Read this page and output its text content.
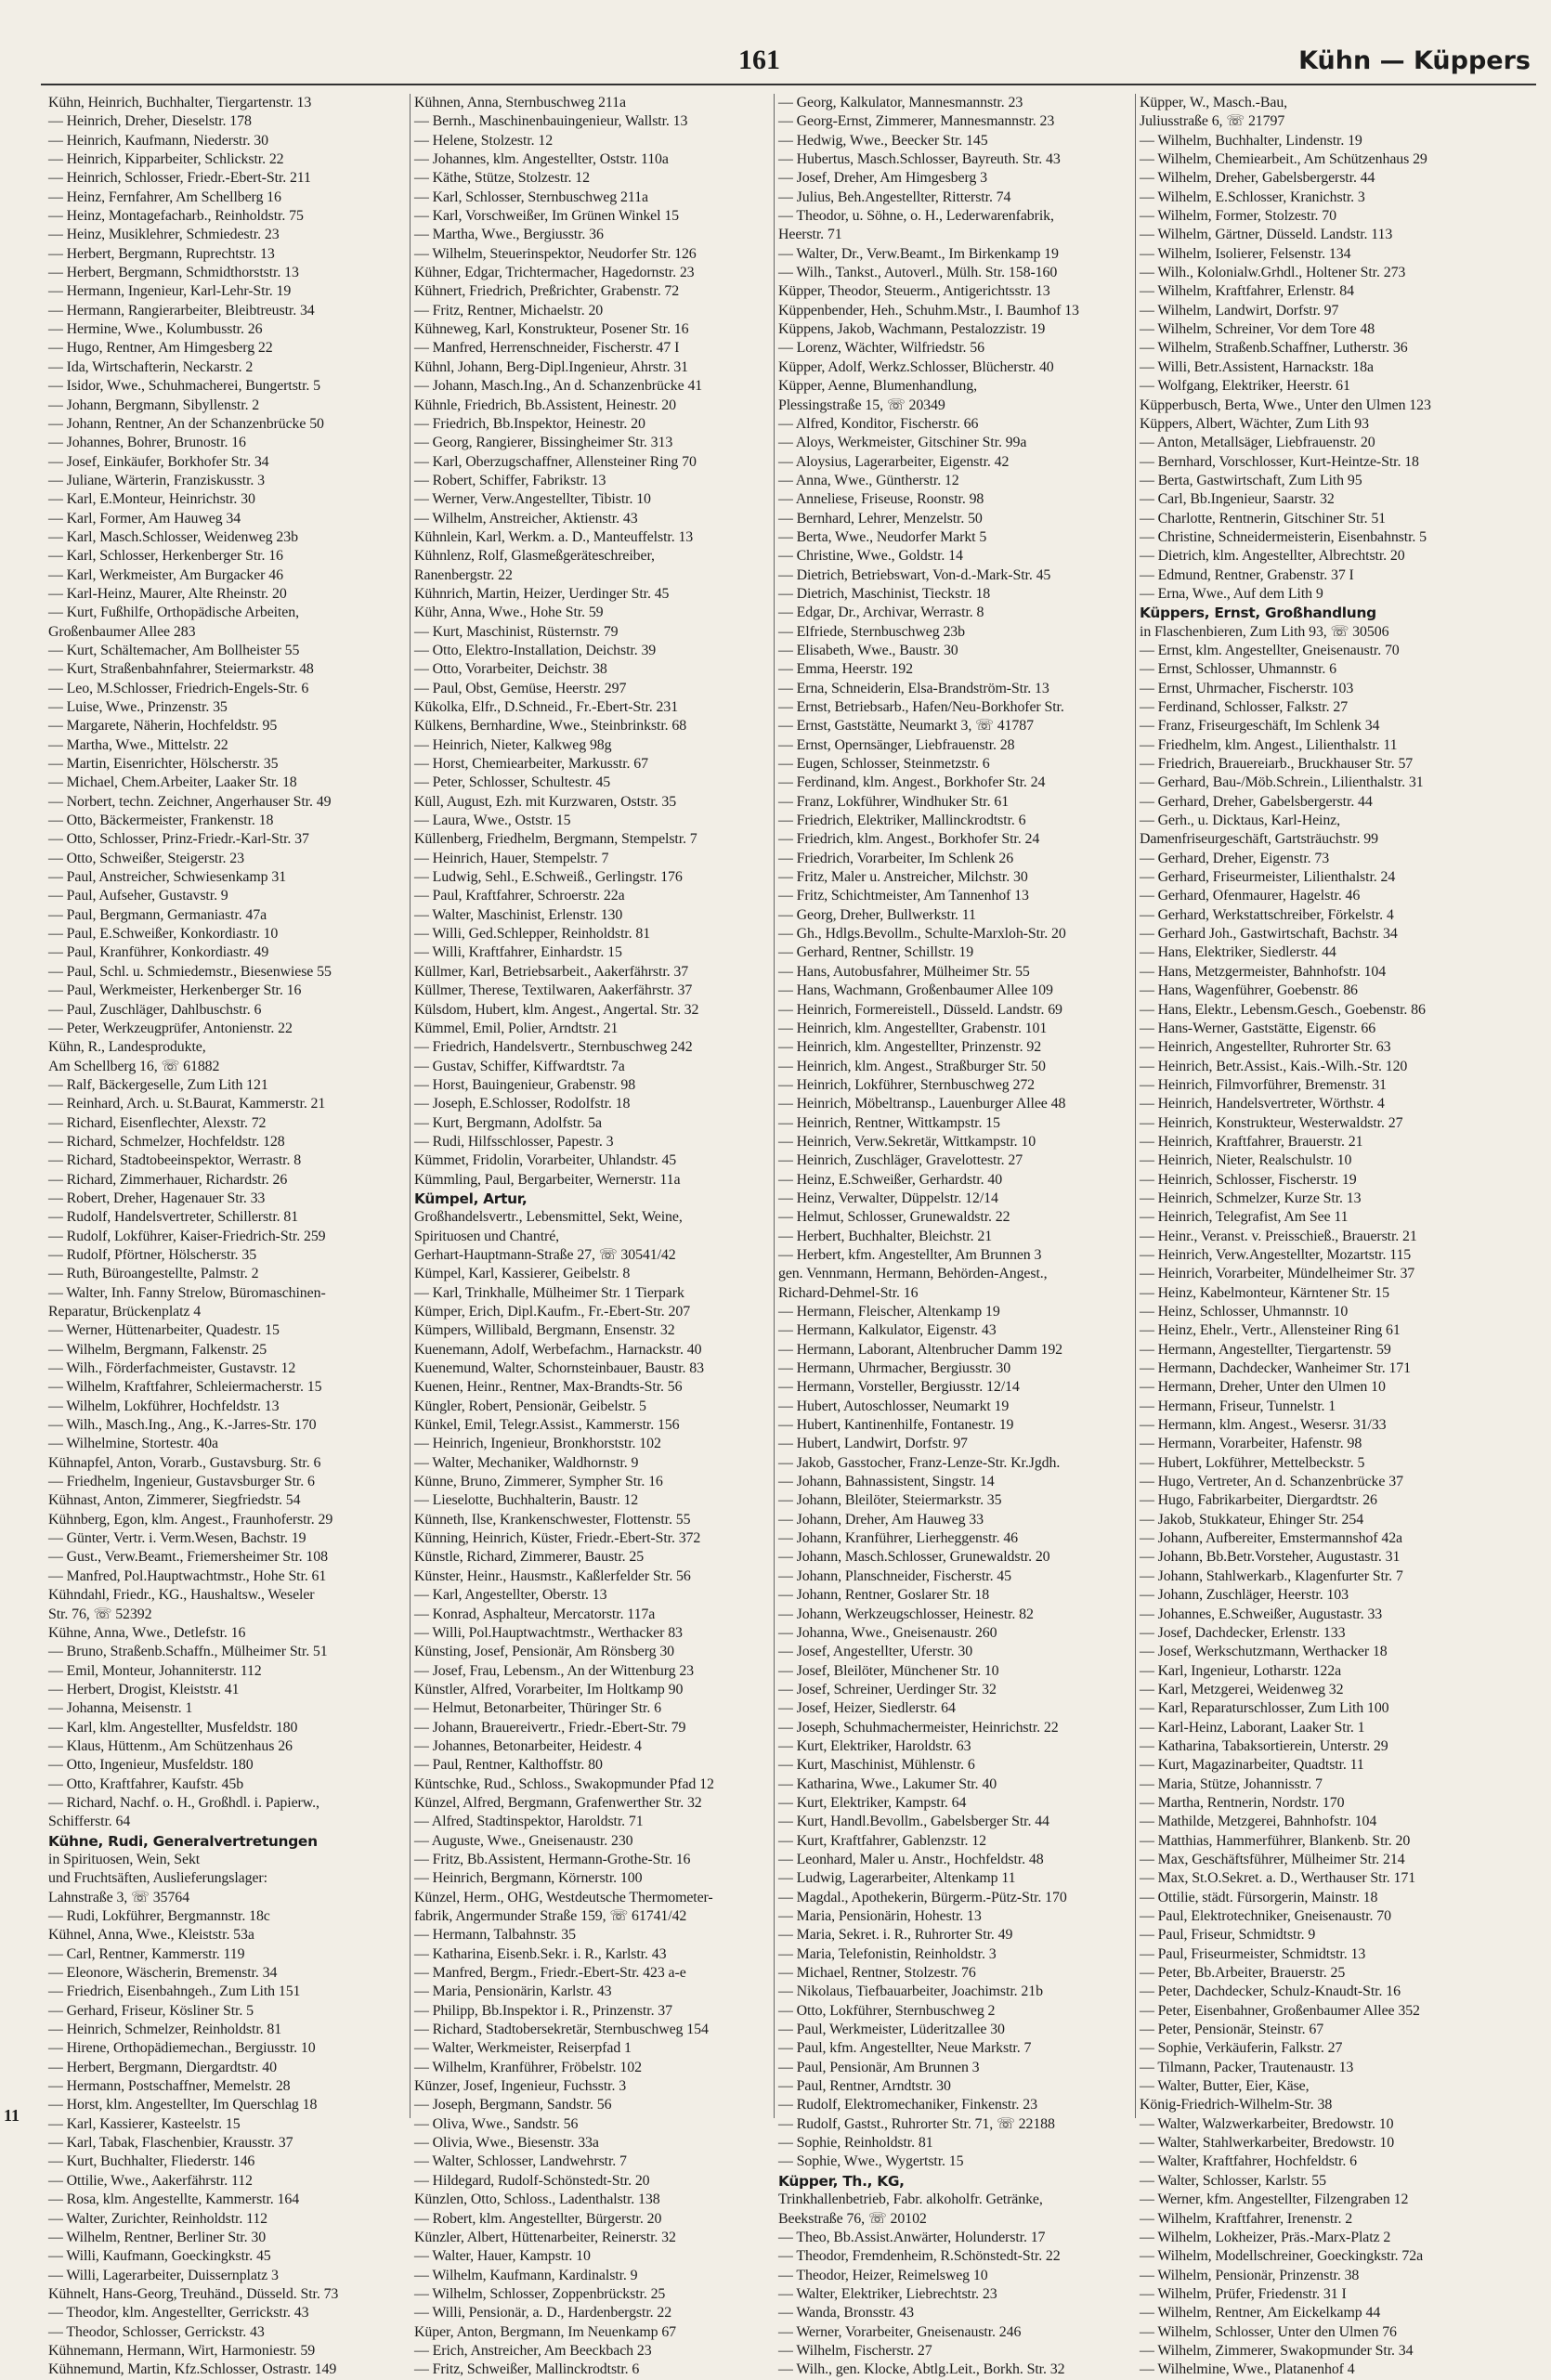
161	Kühn — Küppers
Kühn, Heinrich, Buchhalter, Tiergartenstr. 13
— Heinrich, Dreher, Dieselstr. 178
— Heinrich, Kaufmann, Niederstr. 30
— Heinrich, Kipparbeiter, Schlickstr. 22
— Heinrich, Schlosser, Friedr.-Ebert-Str. 211
— Heinz, Fernfahrer, Am Schellberg 16
— Heinz, Montagefacharb., Reinholdstr. 75
— Heinz, Musiklehrer, Schmiedestr. 23
— Herbert, Bergmann, Ruprechtstr. 13
— Herbert, Bergmann, Schmidthorststr. 13
— Hermann, Ingenieur, Karl-Lehr-Str. 19
— Hermann, Rangierarbeiter, Bleibtreustr. 34
— Hermine, Wwe., Kolumbusstr. 26
— Hugo, Rentner, Am Himgesberg 22
— Ida, Wirtschafterin, Neckarstr. 2
— Isidor, Wwe., Schuhmacherei, Bungertstr. 5
— Johann, Bergmann, Sibyllenstr. 2
— Johann, Rentner, An der Schanzenbrücke 50
— Johannes, Bohrer, Brunostr. 16
— Josef, Einkäufer, Borkhofer Str. 34
— Juliane, Wärterin, Franziskusstr. 3
— Karl, E.Monteur, Heinrichstr. 30
— Karl, Former, Am Hauweg 34
— Karl, Masch.Schlosser, Weidenweg 23b
— Karl, Schlosser, Herkenberger Str. 16
— Karl, Werkmeister, Am Burgacker 46
— Karl-Heinz, Maurer, Alte Rheinstr. 20
— Kurt, Fußhilfe, Orthopädische Arbeiten,
Großenbaumer Allee 283
— Kurt, Schältemacher, Am Bollheister 55
— Kurt, Straßenbahnfahrer, Steiermarkstr. 48
— Leo, M.Schlosser, Friedrich-Engels-Str. 6
— Luise, Wwe., Prinzenstr. 35
— Margarete, Näherin, Hochfeldstr. 95
— Martha, Wwe., Mittelstr. 22
— Martin, Eisenrichter, Hölscherstr. 35
— Michael, Chem.Arbeiter, Laaker Str. 18
— Norbert, techn. Zeichner, Angerhauser Str. 49
— Otto, Bäckermeister, Frankenstr. 18
— Otto, Schlosser, Prinz-Friedr.-Karl-Str. 37
— Otto, Schweißer, Steigerstr. 23
— Paul, Anstreicher, Schwiesenkamp 31
— Paul, Aufseher, Gustavstr. 9
— Paul, Bergmann, Germaniastr. 47a
— Paul, E.Schweißer, Konkordiastr. 10
— Paul, Kranführer, Konkordiastr. 49
— Paul, Schl. u. Schmiedemstr., Biesenwiese 55
— Paul, Werkmeister, Herkenberger Str. 16
— Paul, Zuschläger, Dahlbuschstr. 6
— Peter, Werkzeugprüfer, Antonienstr. 22
Kühn, R., Landesprodukte,
Am Schellberg 16, ☏ 61882
— Ralf, Bäckergeselle, Zum Lith 121
— Reinhard, Arch. u. St.Baurat, Kammerstr. 21
— Richard, Eisenflechter, Alexstr. 72
— Richard, Schmelzer, Hochfeldstr. 128
— Richard, Stadtobeeinspektor, Werrastr. 8
— Richard, Zimmerhauer, Richardstr. 26
— Robert, Dreher, Hagenauer Str. 33
— Rudolf, Handelsvertreter, Schillerstr. 81
— Rudolf, Lokführer, Kaiser-Friedrich-Str. 259
— Rudolf, Pförtner, Hölscherstr. 35
— Ruth, Büroangestellte, Palmstr. 2
— Walter, Inh. Fanny Strelow, Büromaschinen-
Reparatur, Brückenplatz 4
— Werner, Hüttenarbeiter, Quadestr. 15
— Wilhelm, Bergmann, Falkenstr. 25
— Wilh., Förderfachmeister, Gustavstr. 12
— Wilhelm, Kraftfahrer, Schleiermacherstr. 15
— Wilhelm, Lokführer, Hochfeldstr. 13
— Wilh., Masch.Ing., Ang., K.-Jarres-Str. 170
— Wilhelmine, Stortestr. 40a
Kühnapfel, Anton, Vorarb., Gustavsburg. Str. 6
— Friedhelm, Ingenieur, Gustavsburger Str. 6
Kühnast, Anton, Zimmerer, Siegfriedstr. 54
Kühnberg, Egon, klm. Angest., Fraunhoferstr. 29
— Günter, Vertr. i. Verm.Wesen, Bachstr. 19
— Gust., Verw.Beamt., Friemersheimer Str. 108
— Manfred, Pol.Hauptwachtmstr., Hohe Str. 61
Kühndahl, Friedr., KG., Haushaltsw., Weseler
Str. 76, ☏ 52392
Kühne, Anna, Wwe., Detlefstr. 16
— Bruno, Straßenb.Schaffn., Mülheimer Str. 51
— Emil, Monteur, Johanniterstr. 112
— Herbert, Drogist, Kleiststr. 41
— Johanna, Meisenstr. 1
— Karl, klm. Angestellter, Musfeldstr. 180
— Klaus, Hüttenm., Am Schützenhaus 26
— Otto, Ingenieur, Musfeldstr. 180
— Otto, Kraftfahrer, Kaufstr. 45b
— Richard, Nachf. o. H., Großhdl. i. Papierw.,
Schifferstr. 64
Kühne, Rudi, Generalvertretungen
in Spirituosen, Wein, Sekt
und Fruchtsäften, Auslieferungslager:
Lahnstraße 3, ☏ 35764
— Rudi, Lokführer, Bergmannstr. 18c
Kühnel, Anna, Wwe., Kleiststr. 53a
— Carl, Rentner, Kammerstr. 119
— Eleonore, Wäscherin, Bremenstr. 34
— Friedrich, Eisenbahngeh., Zum Lith 151
— Gerhard, Friseur, Kösliner Str. 5
— Heinrich, Schmelzer, Reinholdstr. 81
— Hirene, Orthopädiemechan., Bergiusstr. 10
— Herbert, Bergmann, Diergardtstr. 40
— Hermann, Postschaffner, Memelstr. 28
— Horst, klm. Angestellter, Im Querschlag 18
— Karl, Kassierer, Kasteelstr. 15
— Karl, Tabak, Flaschenbier, Krausstr. 37
— Kurt, Buchhalter, Fliederstr. 146
— Ottilie, Wwe., Aakerfährstr. 112
— Rosa, klm. Angestellte, Kammerstr. 164
— Walter, Zurichter, Reinholdstr. 112
— Wilhelm, Rentner, Berliner Str. 30
— Willi, Kaufmann, Goeckingkstr. 45
— Willi, Lagerarbeiter, Duissernplatz 3
Kühnelt, Hans-Georg, Treuhänd., Düsseld. Str. 73
— Theodor, klm. Angestellter, Gerrickstr. 43
— Theodor, Schlosser, Gerrickstr. 43
Kühnemann, Hermann, Wirt, Harmoniestr. 59
Kühnemund, Martin, Kfz.Schlosser, Ostrastr. 149
Kühnen, Anna, Sternbuschweg 211a
— Bernh., Maschinenbauingenieur, Wallstr. 13
— Helene, Stolzestr. 12
— Johannes, klm. Angestellter, Oststr. 110a
— Käthe, Stütze, Stolzestr. 12
— Karl, Schlosser, Sternbuschweg 211a
— Karl, Vorschweißer, Im Grünen Winkel 15
— Martha, Wwe., Bergiusstr. 36
— Wilhelm, Steuerinspektor, Neudorfer Str. 126
Kühner, Edgar, Trichtermacher, Hagedornstr. 23
Kühnert, Friedrich, Preßrichter, Grabenstr. 72
— Fritz, Rentner, Michaelstr. 20
Kühneweg, Karl, Konstrukteur, Posener Str. 16
— Manfred, Herrenschneider, Fischerstr. 47 I
Kühnl, Johann, Berg-Dipl.Ingenieur, Ahrstr. 31
— Johann, Masch.Ing., An d. Schanzenbrücke 41
Kühnle, Friedrich, Bb.Assistent, Heinestr. 20
— Friedrich, Bb.Inspektor, Heinestr. 20
— Georg, Rangierer, Bissingheimer Str. 313
— Karl, Oberzugschaffner, Allensteiner Ring 70
— Robert, Schiffer, Fabrikstr. 13
— Werner, Verw.Angestellter, Tibistr. 10
— Wilhelm, Anstreicher, Aktienstr. 43
Kühnlein, Karl, Werkm. a. D., Manteuffelstr. 13
Kühnlenz, Rolf, Glasmeßgeräteschreiber,
Ranenbergstr. 22
Kühnrich, Martin, Heizer, Uerdinger Str. 45
Kühr, Anna, Wwe., Hohe Str. 59
— Kurt, Maschinist, Rüsternstr. 79
— Otto, Elektro-Installation, Deichstr. 39
— Otto, Vorarbeiter, Deichstr. 38
— Paul, Obst, Gemüse, Heerstr. 297
Kükolka, Elfr., D.Schneid., Fr.-Ebert-Str. 231
Külkens, Bernhardine, Wwe., Steinbrinkstr. 68
— Heinrich, Nieter, Kalkweg 98g
— Horst, Chemiearbeiter, Markusstr. 67
— Peter, Schlosser, Schultestr. 45
Küll, August, Ezh. mit Kurzwaren, Oststr. 35
— Laura, Wwe., Oststr. 15
Küllenberg, Friedhelm, Bergmann, Stempelstr. 7
— Heinrich, Hauer, Stempelstr. 7
— Ludwig, Sehl., E.Schweiß., Gerlingstr. 176
— Paul, Kraftfahrer, Schroerstr. 22a
— Walter, Maschinist, Erlenstr. 130
— Willi, Ged.Schlepper, Reinholdstr. 81
— Willi, Kraftfahrer, Einhardstr. 15
Küllmer, Karl, Betriebsarbeit., Aakerfährstr. 37
Küllmer, Therese, Textilwaren, Aakerfährstr. 37
Külsdom, Hubert, klm. Angest., Angertal. Str. 32
Kümmel, Emil, Polier, Arndtstr. 21
— Friedrich, Handelsvertr., Sternbuschweg 242
— Gustav, Schiffer, Kiffwardtstr. 7a
— Horst, Bauingenieur, Grabenstr. 98
— Joseph, E.Schlosser, Rodolfstr. 18
— Kurt, Bergmann, Adolfstr. 5a
— Rudi, Hilfsschlosser, Papestr. 3
Kümmet, Fridolin, Vorarbeiter, Uhlandstr. 45
Kümmling, Paul, Bergarbeiter, Wernerstr. 11a
Kümpel, Artur,
Großhandelsvertr., Lebensmittel, Sekt, Weine,
Spirituosen und Chantré,
Gerhart-Hauptmann-Straße 27, ☏ 30541/42
Kümpel, Karl, Kassierer, Geibelstr. 8
— Karl, Trinkhalle, Mülheimer Str. 1 Tierpark
Kümper, Erich, Dipl.Kaufm., Fr.-Ebert-Str. 207
Kümpers, Willibald, Bergmann, Ensenstr. 32
Kuenemann, Adolf, Werbefachm., Harnackstr. 40
Kuenemund, Walter, Schornsteinbauer, Baustr. 83
Kuenen, Heinr., Rentner, Max-Brandts-Str. 56
Küngler, Robert, Pensionär, Geibelstr. 5
Künkel, Emil, Telegr.Assist., Kammerstr. 156
— Heinrich, Ingenieur, Bronkhorststr. 102
— Walter, Mechaniker, Waldhornstr. 9
Künne, Bruno, Zimmerer, Sympher Str. 16
— Lieselotte, Buchhalterin, Baustr. 12
Künneth, Ilse, Krankenschwester, Flottenstr. 55
Künning, Heinrich, Küster, Friedr.-Ebert-Str. 372
Künstle, Richard, Zimmerer, Baustr. 25
Künster, Heinr., Hausmstr., Kaßlerfelder Str. 56
— Karl, Angestellter, Oberstr. 13
— Konrad, Asphalteur, Mercatorstr. 117a
— Willi, Pol.Hauptwachtmstr., Werthacker 83
Künsting, Josef, Pensionär, Am Rönsberg 30
— Josef, Frau, Lebensm., An der Wittenburg 23
Künstler, Alfred, Vorarbeiter, Im Holtkamp 90
— Helmut, Betonarbeiter, Thüringer Str. 6
— Johann, Brauereivertr., Friedr.-Ebert-Str. 79
— Johannes, Betonarbeiter, Heidestr. 4
— Paul, Rentner, Kalthoffstr. 80
Küntschke, Rud., Schloss., Swakopmunder Pfad 12
Künzel, Alfred, Bergmann, Grafenwerther Str. 32
— Alfred, Stadtinspektor, Haroldstr. 71
— Auguste, Wwe., Gneisenaustr. 230
— Fritz, Bb.Assistent, Hermann-Grothe-Str. 16
— Heinrich, Bergmann, Körnerstr. 100
Künzel, Herm., OHG, Westdeutsche Thermometer-
fabrik, Angermunder Straße 159, ☏ 61741/42
— Hermann, Talbahnstr. 35
— Katharina, Eisenb.Sekr. i. R., Karlstr. 43
— Manfred, Bergm., Friedr.-Ebert-Str. 423 a-e
— Maria, Pensionärin, Karlstr. 43
— Philipp, Bb.Inspektor i. R., Prinzenstr. 37
— Richard, Stadtobersekretär, Sternbuschweg 154
— Walter, Werkmeister, Reiserpfad 1
— Wilhelm, Kranführer, Fröbelstr. 102
Künzer, Josef, Ingenieur, Fuchsstr. 3
— Joseph, Bergmann, Sandstr. 56
— Oliva, Wwe., Sandstr. 56
— Olivia, Wwe., Biesenstr. 33a
— Walter, Schlosser, Landwehrstr. 7
— Hildegard, Rudolf-Schönstedt-Str. 20
Künzlen, Otto, Schloss., Ladenthalstr. 138
— Robert, klm. Angestellter, Bürgerstr. 20
Künzler, Albert, Hüttenarbeiter, Reinerstr. 32
— Walter, Hauer, Kampstr. 10
— Wilhelm, Kaufmann, Kardinalstr. 9
— Wilhelm, Schlosser, Zoppenbrückstr. 25
— Willi, Pensionär, a. D., Hardenbergstr. 22
Küper, Anton, Bergmann, Im Neuenkamp 67
— Erich, Anstreicher, Am Beeckbach 23
— Fritz, Schweißer, Mallinckrodtstr. 6
— Georg, Kalkulator, Mannesmannstr. 23
— Georg-Ernst, Zimmerer, Mannesmannstr. 23
— Hedwig, Wwe., Beecker Str. 145
— Hubertus, Masch.Schlosser, Bayreuth. Str. 43
— Josef, Dreher, Am Himgesberg 3
— Julius, Beh.Angestellter, Ritterstr. 74
— Theodor, u. Söhne, o. H., Lederwarenfabrik,
Heerstr. 71
— Walter, Dr., Verw.Beamt., Im Birkenkamp 19
— Wilh., Tankst., Autoverl., Mülh. Str. 158-160
Küpper, Theodor, Steuerm., Antigerichtsstr. 13
Küppenbender, Heh., Schuhm.Mstr., I. Baumhof 13
Küppens, Jakob, Wachmann, Pestalozzistr. 19
— Lorenz, Wächter, Wilfriedstr. 56
Küpper, Adolf, Werkz.Schlosser, Blücherstr. 40
Küpper, Aenne, Blumenhandlung,
Plessingstraße 15, ☏ 20349
— Alfred, Konditor, Fischerstr. 66
— Aloys, Werkmeister, Gitschiner Str. 99a
— Aloysius, Lagerarbeiter, Eigenstr. 42
— Anna, Wwe., Güntherstr. 12
— Anneliese, Friseuse, Roonstr. 98
— Bernhard, Lehrer, Menzelstr. 50
— Berta, Wwe., Neudorfer Markt 5
— Christine, Wwe., Goldstr. 14
— Dietrich, Betriebswart, Von-d.-Mark-Str. 45
— Dietrich, Maschinist, Tieckstr. 18
— Edgar, Dr., Archivar, Werrastr. 8
— Elfriede, Sternbuschweg 23b
— Elisabeth, Wwe., Baustr. 30
— Emma, Heerstr. 192
— Erna, Schneiderin, Elsa-Brandström-Str. 13
— Ernst, Betriebsarb., Hafen/Neu-Borkhofer Str.
— Ernst, Gaststätte, Neumarkt 3, ☏ 41787
— Ernst, Opernsänger, Liebfrauenstr. 28
— Eugen, Schlosser, Steinmetzstr. 6
— Ferdinand, klm. Angest., Borkhofer Str. 24
— Franz, Lokführer, Windhuker Str. 61
— Friedrich, Elektriker, Mallinckrodtstr. 6
— Friedrich, klm. Angest., Borkhofer Str. 24
— Friedrich, Vorarbeiter, Im Schlenk 26
— Fritz, Maler u. Anstreicher, Milchstr. 30
— Fritz, Schichtmeister, Am Tannenhof 13
— Georg, Dreher, Bullwerkstr. 11
— Gh., Hdlgs.Bevollm., Schulte-Marxloh-Str. 20
— Gerhard, Rentner, Schillstr. 19
— Hans, Autobusfahrer, Mülheimer Str. 55
— Hans, Wachmann, Großenbaumer Allee 109
— Heinrich, Formereistell., Düsseld. Landstr. 69
— Heinrich, klm. Angestellter, Grabenstr. 101
— Heinrich, klm. Angestellter, Prinzenstr. 92
— Heinrich, klm. Angest., Straßburger Str. 50
— Heinrich, Lokführer, Sternbuschweg 272
— Heinrich, Möbeltransp., Lauenburger Allee 48
— Heinrich, Rentner, Wittkampstr. 15
— Heinrich, Verw.Sekretär, Wittkampstr. 10
— Heinrich, Zuschläger, Gravelottestr. 27
— Heinz, E.Schweißer, Gerhardstr. 40
— Heinz, Verwalter, Düppelstr. 12/14
— Helmut, Schlosser, Grunewaldstr. 22
— Herbert, Buchhalter, Bleichstr. 21
— Herbert, kfm. Angestellter, Am Brunnen 3
gen. Vennmann, Hermann, Behörden-Angest.,
Richard-Dehmel-Str. 16
— Hermann, Fleischer, Altenkamp 19
— Hermann, Kalkulator, Eigenstr. 43
— Hermann, Laborant, Altenbrucher Damm 192
— Hermann, Uhrmacher, Bergiusstr. 30
— Hermann, Vorsteller, Bergiusstr. 12/14
— Hubert, Autoschlosser, Neumarkt 19
— Hubert, Kantinenhilfe, Fontanestr. 19
— Hubert, Landwirt, Dorfstr. 97
— Jakob, Gasstocher, Franz-Lenze-Str. Kr.Jgdh.
— Johann, Bahnassistent, Singstr. 14
— Johann, Bleilöter, Steiermarkstr. 35
— Johann, Dreher, Am Hauweg 33
— Johann, Kranführer, Lierheggenstr. 46
— Johann, Masch.Schlosser, Grunewaldstr. 20
— Johann, Planschneider, Fischerstr. 45
— Johann, Rentner, Goslarer Str. 18
— Johann, Werkzeugschlosser, Heinestr. 82
— Johanna, Wwe., Gneisenaustr. 260
— Josef, Angestellter, Uferstr. 30
— Josef, Bleilöter, Münchener Str. 10
— Josef, Schreiner, Uerdinger Str. 32
— Josef, Heizer, Siedlerstr. 64
— Joseph, Schuhmachermeister, Heinrichstr. 22
— Kurt, Elektriker, Haroldstr. 63
— Kurt, Maschinist, Mühlenstr. 6
— Katharina, Wwe., Lakumer Str. 40
— Kurt, Elektriker, Kampstr. 64
— Kurt, Handl.Bevollm., Gabelsberger Str. 44
— Kurt, Kraftfahrer, Gablenzstr. 12
— Leonhard, Maler u. Anstr., Hochfeldstr. 48
— Ludwig, Lagerarbeiter, Altenkamp 11
— Magdal., Apothekerin, Bürgerm.-Pütz-Str. 170
— Maria, Pensionärin, Hohestr. 13
— Maria, Sekret. i. R., Ruhrorter Str. 49
— Maria, Telefonistin, Reinholdstr. 3
— Michael, Rentner, Stolzestr. 76
— Nikolaus, Tiefbauarbeiter, Joachimstr. 21b
— Otto, Lokführer, Sternbuschweg 2
— Paul, Werkmeister, Lüderitzallee 30
— Paul, kfm. Angestellter, Neue Markstr. 7
— Paul, Pensionär, Am Brunnen 3
— Paul, Rentner, Arndtstr. 30
— Rudolf, Elektromechaniker, Finkenstr. 23
— Rudolf, Gastst., Ruhrorter Str. 71, ☏ 22188
— Sophie, Reinholdstr. 81
— Sophie, Wwe., Wygertstr. 15
Küpper, Th., KG,
Trinkhallenbetrieb, Fabr. alkoholfr. Getränke,
Beekstraße 76, ☏ 20102
— Theo, Bb.Assist.Anwärter, Holunderstr. 17
— Theodor, Fremdenheim, R.Schönstedt-Str. 22
— Theodor, Heizer, Reimelsweg 10
— Walter, Elektriker, Liebrechtstr. 23
— Wanda, Bronsstr. 43
— Werner, Vorarbeiter, Gneisenaustr. 246
— Wilhelm, Fischerstr. 27
— Wilh., gen. Klocke, Abtlg.Leit., Borkh. Str. 32
Küpper, W., Masch.-Bau,
Juliusstraße 6, ☏ 21797
— Wilhelm, Buchhalter, Lindenstr. 19
— Wilhelm, Chemiearbeit., Am Schützenhaus 29
— Wilhelm, Dreher, Gabelsbergerstr. 44
— Wilhelm, E.Schlosser, Kranichstr. 3
— Wilhelm, Former, Stolzestr. 70
— Wilhelm, Gärtner, Düsseld. Landstr. 113
— Wilhelm, Isolierer, Felsenstr. 134
— Wilh., Kolonialw.Grhdl., Holtener Str. 273
— Wilhelm, Kraftfahrer, Erlenstr. 84
— Wilhelm, Landwirt, Dorfstr. 97
— Wilhelm, Schreiner, Vor dem Tore 48
— Wilhelm, Straßenb.Schaffner, Lutherstr. 36
— Willi, Betr.Assistent, Harnackstr. 18a
— Wolfgang, Elektriker, Heerstr. 61
Küpperbusch, Berta, Wwe., Unter den Ulmen 123
Küppers, Albert, Wächter, Zum Lith 93
— Anton, Metallsäger, Liebfrauenstr. 20
— Bernhard, Vorschlosser, Kurt-Heintze-Str. 18
— Berta, Gastwirtschaft, Zum Lith 95
— Carl, Bb.Ingenieur, Saarstr. 32
— Charlotte, Rentnerin, Gitschiner Str. 51
— Christine, Schneidermeisterin, Eisenbahnstr. 5
— Dietrich, klm. Angestellter, Albrechtstr. 20
— Edmund, Rentner, Grabenstr. 37 I
— Erna, Wwe., Auf dem Lith 9
Küppers, Ernst, Großhandlung
in Flaschenbieren, Zum Lith 93, ☏ 30506
— Ernst, klm. Angestellter, Gneisenaustr. 70
— Ernst, Schlosser, Uhmannstr. 6
— Ernst, Uhrmacher, Fischerstr. 103
— Ferdinand, Schlosser, Falkstr. 27
— Franz, Friseurgeschäft, Im Schlenk 34
— Friedhelm, klm. Angest., Lilienthalstr. 11
— Friedrich, Brauereiarb., Bruckhauser Str. 57
— Gerhard, Bau-/Möb.Schrein., Lilienthalstr. 31
— Gerhard, Dreher, Gabelsbergerstr. 44
— Gerh., u. Dicktaus, Karl-Heinz,
Damenfriseurgeschäft, Gartsträuchstr. 99
— Gerhard, Dreher, Eigenstr. 73
— Gerhard, Friseurmeister, Lilienthalstr. 24
— Gerhard, Ofenmaurer, Hagelstr. 46
— Gerhard, Werkstattschreiber, Förkelstr. 4
— Gerhard Joh., Gastwirtschaft, Bachstr. 34
— Hans, Elektriker, Siedlerstr. 44
— Hans, Metzgermeister, Bahnhofstr. 104
— Hans, Wagenführer, Goebenstr. 86
— Hans, Elektr., Lebensm.Gesch., Goebenstr. 86
— Hans-Werner, Gaststätte, Eigenstr. 66
— Heinrich, Angestellter, Ruhrorter Str. 63
— Heinrich, Betr.Assist., Kais.-Wilh.-Str. 120
— Heinrich, Filmvorführer, Bremenstr. 31
— Heinrich, Handelsvertreter, Wörthstr. 4
— Heinrich, Konstrukteur, Westerwaldstr. 27
— Heinrich, Kraftfahrer, Brauerstr. 21
— Heinrich, Nieter, Realschulstr. 10
— Heinrich, Schlosser, Fischerstr. 19
— Heinrich, Schmelzer, Kurze Str. 13
— Heinrich, Telegrafist, Am See 11
— Heinr., Veranst. v. Preisschieß., Brauerstr. 21
— Heinrich, Verw.Angestellter, Mozartstr. 115
— Heinrich, Vorarbeiter, Mündelheimer Str. 37
— Heinz, Kabelmonteur, Kärntener Str. 15
— Heinz, Schlosser, Uhmannstr. 10
— Heinz, Ehelr., Vertr., Allensteiner Ring 61
— Hermann, Angestellter, Tiergartenstr. 59
— Hermann, Dachdecker, Wanheimer Str. 171
— Hermann, Dreher, Unter den Ulmen 10
— Hermann, Friseur, Tunnelstr. 1
— Hermann, klm. Angest., Wesersr. 31/33
— Hermann, Vorarbeiter, Hafenstr. 98
— Hubert, Lokführer, Mettelbeckstr. 5
— Hugo, Vertreter, An d. Schanzenbrücke 37
— Hugo, Fabrikarbeiter, Diergardtstr. 26
— Jakob, Stukkateur, Ehinger Str. 254
— Johann, Aufbereiter, Emstermannshof 42a
— Johann, Bb.Betr.Vorsteher, Augustastr. 31
— Johann, Stahlwerkarb., Klagenfurter Str. 7
— Johann, Zuschläger, Heerstr. 103
— Johannes, E.Schweißer, Augustastr. 33
— Josef, Dachdecker, Erlenstr. 133
— Josef, Werkschutzmann, Werthacker 18
— Karl, Ingenieur, Lotharstr. 122a
— Karl, Metzgerei, Weidenweg 32
— Karl, Reparaturschlosser, Zum Lith 100
— Karl-Heinz, Laborant, Laaker Str. 1
— Katharina, Tabaksortierein, Unterstr. 29
— Kurt, Magazinarbeiter, Quadtstr. 11
— Maria, Stütze, Johannisstr. 7
— Martha, Rentnerin, Nordstr. 170
— Mathilde, Metzgerei, Bahnhofstr. 104
— Matthias, Hammerführer, Blankenb. Str. 20
— Max, Geschäftsführer, Mülheimer Str. 214
— Max, St.O.Sekret. a. D., Werthauser Str. 171
— Ottilie, städt. Fürsorgerin, Mainstr. 18
— Paul, Elektrotechniker, Gneisenaustr. 70
— Paul, Friseur, Schmidtstr. 9
— Paul, Friseurmeister, Schmidtstr. 13
— Peter, Bb.Arbeiter, Brauerstr. 25
— Peter, Dachdecker, Schulz-Knaudt-Str. 16
— Peter, Eisenbahner, Großenbaumer Allee 352
— Peter, Pensionär, Steinstr. 67
— Sophie, Verkäuferin, Falkstr. 27
— Tilmann, Packer, Trautenaustr. 13
— Walter, Butter, Eier, Käse,
König-Friedrich-Wilhelm-Str. 38
— Walter, Walzwerkarbeiter, Bredowstr. 10
— Walter, Stahlwerkarbeiter, Bredowstr. 10
— Walter, Kraftfahrer, Hochfeldstr. 6
— Walter, Schlosser, Karlstr. 55
— Werner, kfm. Angestellter, Filzengraben 12
— Wilhelm, Kraftfahrer, Irenenstr. 2
— Wilhelm, Lokheizer, Präs.-Marx-Platz 2
— Wilhelm, Modellschreiner, Goeckingkstr. 72a
— Wilhelm, Pensionär, Prinzenstr. 38
— Wilhelm, Prüfer, Friedenstr. 31 I
— Wilhelm, Rentner, Am Eickelkamp 44
— Wilhelm, Schlosser, Unter den Ulmen 76
— Wilhelm, Zimmerer, Swakopmunder Str. 34
— Wilhelmine, Wwe., Platanenhof 4
11
